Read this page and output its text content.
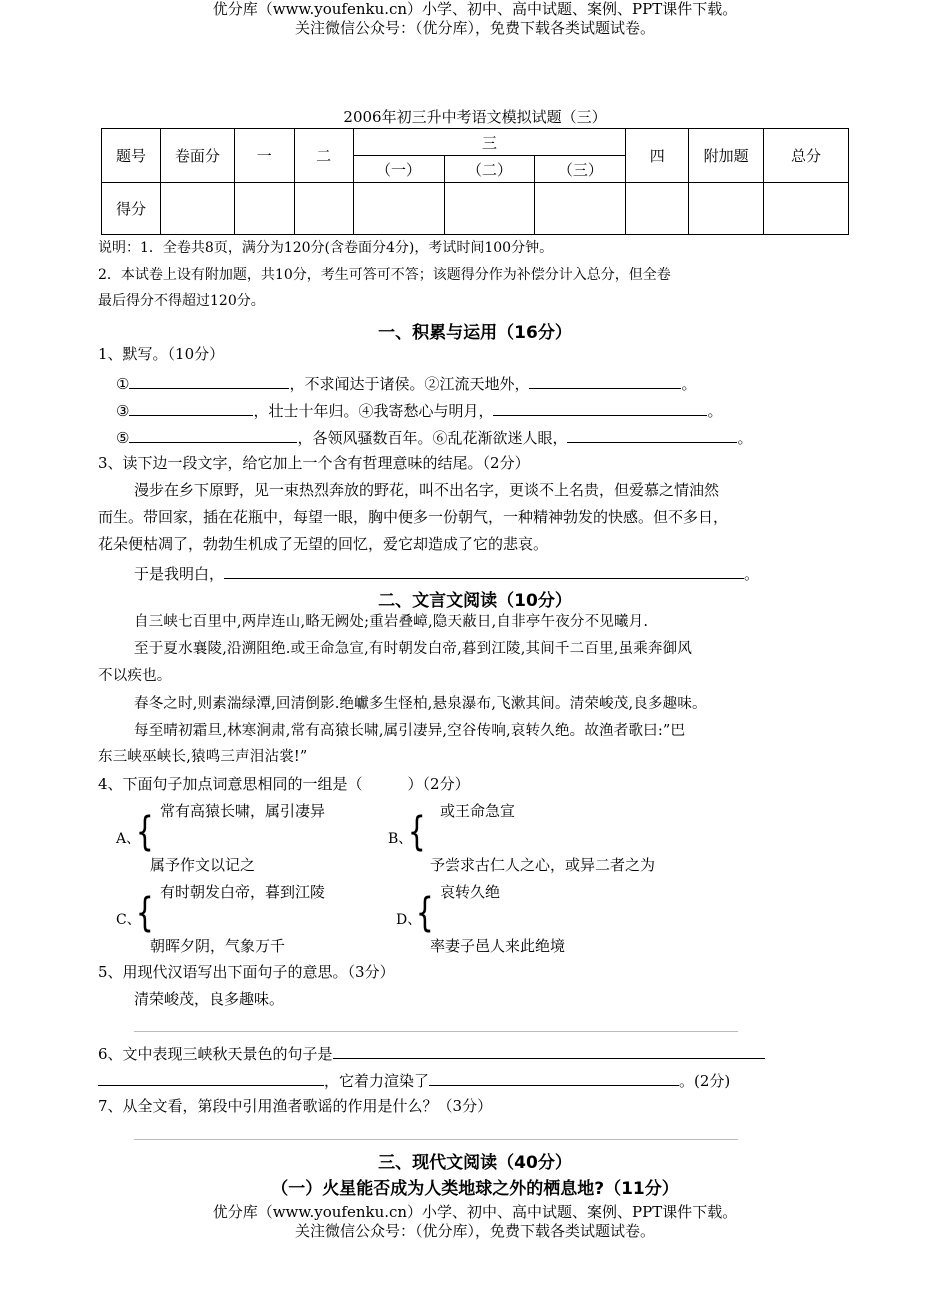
优分库（www.youfenku.cn）小学、初中、高中试题、案例、PPT课件下载。
关注微信公众号：（优分库），免费下载各类试题试卷。
2006年初三升中考语文模拟试题（三）
题号	卷面分	一	二	三			四	附加题	总分
				（一）	（二）	（三）			
得分									
说明：1．全卷共8页，满分为120分(含卷面分4分)，考试时间100分钟。
2．本试卷上设有附加题，共10分，考生可答可不答；该题得分作为补偿分计入总分，但全卷
最后得分不得超过120分。
一、积累与运用（16分）
1、默写。（10分）
①	，不求闻达于诸侯。②江流天地外，	。
③	，壮士十年归。④我寄愁心与明月，	。
⑤	，各领风骚数百年。⑥乱花渐欲迷人眼，	。
3、读下边一段文字，给它加上一个含有哲理意味的结尾。（2分）
漫步在乡下原野，见一束热烈奔放的野花，叫不出名字，更谈不上名贵，但爱慕之情油然
而生。带回家，插在花瓶中，每望一眼，胸中便多一份朝气，一种精神勃发的快感。但不多日，
花朵便枯凋了，勃勃生机成了无望的回忆，爱它却造成了它的悲哀。
于是我明白，	。
二、文言文阅读（10分）
自三峡七百里中,两岸连山,略无阙处;重岩叠嶂,隐天蔽日,自非亭午夜分不见曦月.
至于夏水襄陵,沿溯阻绝.或王命急宣,有时朝发白帝,暮到江陵,其间千二百里,虽乘奔御风
不以疾也。
春冬之时,则素湍绿潭,回清倒影.绝巘多生怪柏,悬泉瀑布,飞漱其间。清荣峻茂,良多趣味。
每至晴初霜旦,林寒涧肃,常有高猿长啸,属引凄异,空谷传响,哀转久绝。故渔者歌曰:”巴
东三峡巫峡长,猿鸣三声泪沾裳!”
4、下面句子加点词意思相同的一组是（　　　）（2分）
常有高猿长啸，属引凄异
A、
{
属予作文以记之
或王命急宣
B、
{
予尝求古仁人之心，或异二者之为
有时朝发白帝，暮到江陵
C、
{
朝晖夕阴，气象万千
哀转久绝
D、
{
率妻子邑人来此绝境
5、用现代汉语写出下面句子的意思。（3分）
清荣峻茂，良多趣味。
6、文中表现三峡秋天景色的句子是
，它着力渲染了	。(2分)
7、从全文看，第段中引用渔者歌谣的作用是什么？（3分）
三、现代文阅读（40分）
（一）火星能否成为人类地球之外的栖息地?（11分）
优分库（www.youfenku.cn）小学、初中、高中试题、案例、PPT课件下载。
关注微信公众号：（优分库），免费下载各类试题试卷。
